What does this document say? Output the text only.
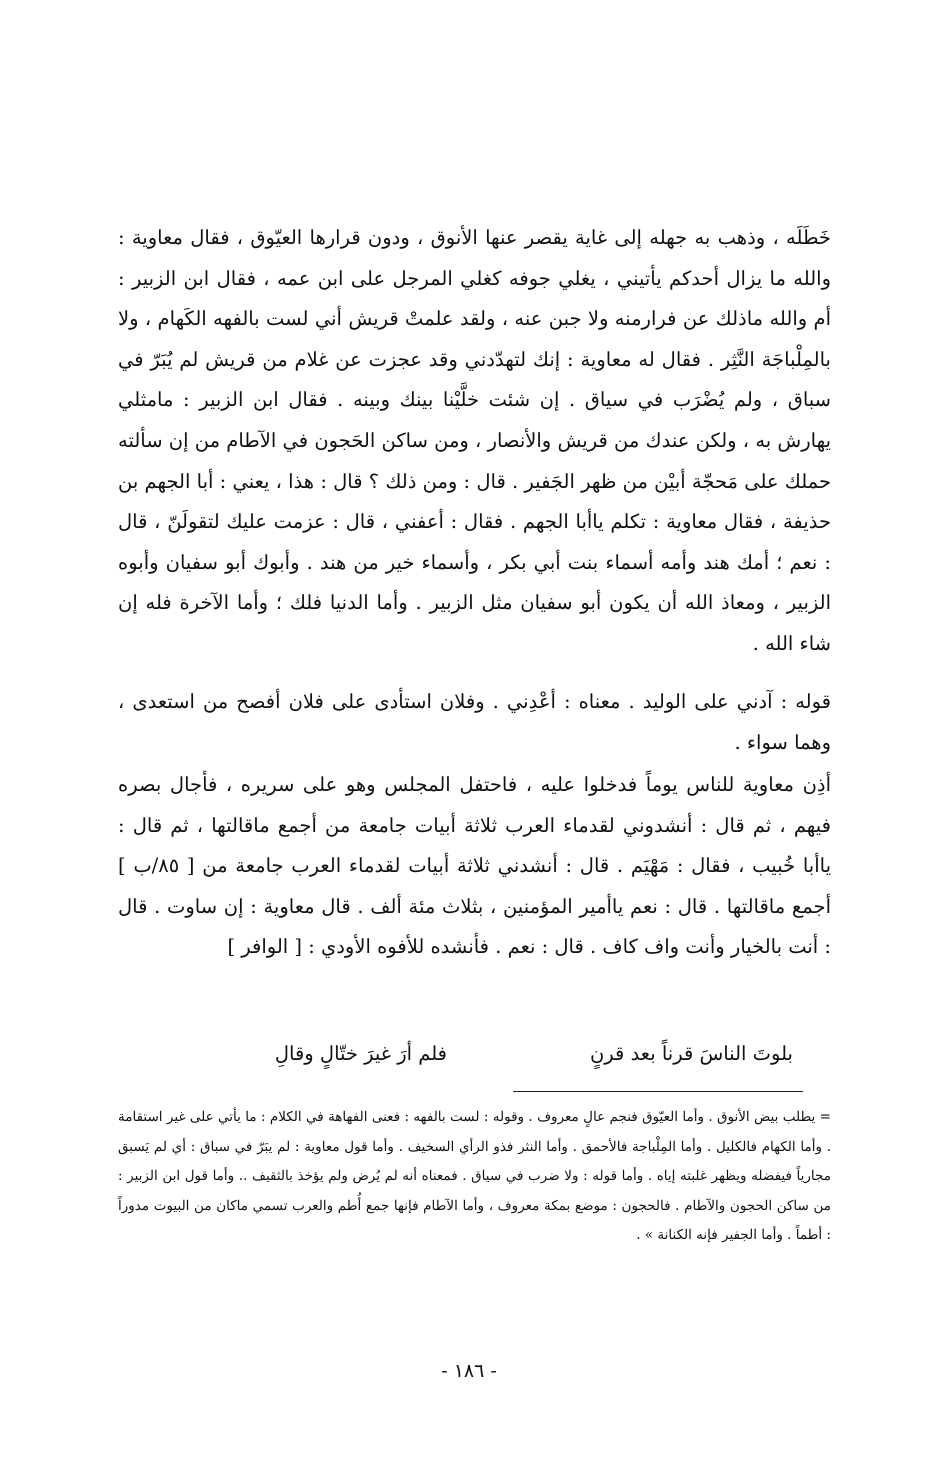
خَطَلَه ، وذهب به جهله إلى غاية يقصر عنها الأنوق ، ودون قرارها العيّوق ، فقال معاوية : والله ما يزال أحدكم يأتيني ، يغلي جوفه كغلي المرجل على ابن عمه ، فقال ابن الزبير : أم والله ماذلك عن فرارمنه ولا جبن عنه ، ولقد علمتْ قريش أني لست بالفهه الكَهام ، ولا بالمِلْباجَة النَّثِر . فقال له معاوية : إنك لتهدّدني وقد عجزت عن غلام من قريش لم يُبَرّ في سباق ، ولم يُضْرَب في سياق . إن شئت خلَّيْنا بينك وبينه . فقال ابن الزبير : مامثلي يهارش به ، ولكن عندك من قريش والأنصار ، ومن ساكن الحَجون في الآطام من إن سألته حملك على مَحجّة أبيْن من ظهر الجَفير . قال : ومن ذلك ؟ قال : هذا ، يعني : أبا الجهم بن حذيفة ، فقال معاوية : تكلم ياأبا الجهم . فقال : أعفني ، قال : عزمت عليك لتقولَنّ ، قال : نعم ؛ أمك هند وأمه أسماء بنت أبي بكر ، وأسماء خير من هند . وأبوك أبو سفيان وأبوه الزبير ، ومعاذ الله أن يكون أبو سفيان مثل الزبير . وأما الدنيا فلك ؛ وأما الآخرة فله إن شاء الله .

قوله : آدني على الوليد . معناه : أعْدِني . وفلان استأدى على فلان أفصح من استعدى ، وهما سواء .

أذِن معاوية للناس يوماً فدخلوا عليه ، فاحتفل المجلس وهو على سريره ، فأجال بصره فيهم ، ثم قال : أنشدوني لقدماء العرب ثلاثة أبيات جامعة من أجمع ماقالتها ، ثم قال : ياأبا خُبيب ، فقال : مَهْيَم . قال : أنشدني ثلاثة أبيات لقدماء العرب جامعة من [ ٨٥/ب ] أجمع ماقالتها . قال : نعم ياأمير المؤمنين ، بثلاث مئة ألف . قال معاوية : إن ساوت . قال : أنت بالخيار وأنت واف كاف . قال : نعم . فأنشده للأفوه الأودي : [ الوافر ]

بلوتَ الناسَ قرناً بعد قرنٍ
فلم أرَ غيرَ ختّالٍ وقالِ

= يطلب بيض الأنوق . وأما العيّوق فنجم عالٍ معروف . وقوله : لست بالفهه : فعنى الفهاهة في الكلام : ما يأتي على غير استقامة . وأما الكهام فالكليل . وأما المِلْباجة فالأحمق . وأما النثر فذو الرأي السخيف . وأما قول معاوية : لم يبَرّ في سباق : أي لم يَسبق مجارياً فيفضله ويظهر غلبته إياه . وأما قوله : ولا ضرب في سياق . فمعناه أنه لم يُرض ولم يؤخذ بالثقيف .. وأما قول ابن الزبير : من ساكن الحجون والآطام . فالحجون : موضع بمكة معروف ، وأما الآطام فإنها جمع أُطم والعرب تسمي ماكان من البيوت مدوراً : أطماً . وأما الجفير فإنه الكنانة » .

- ١٨٦ -
